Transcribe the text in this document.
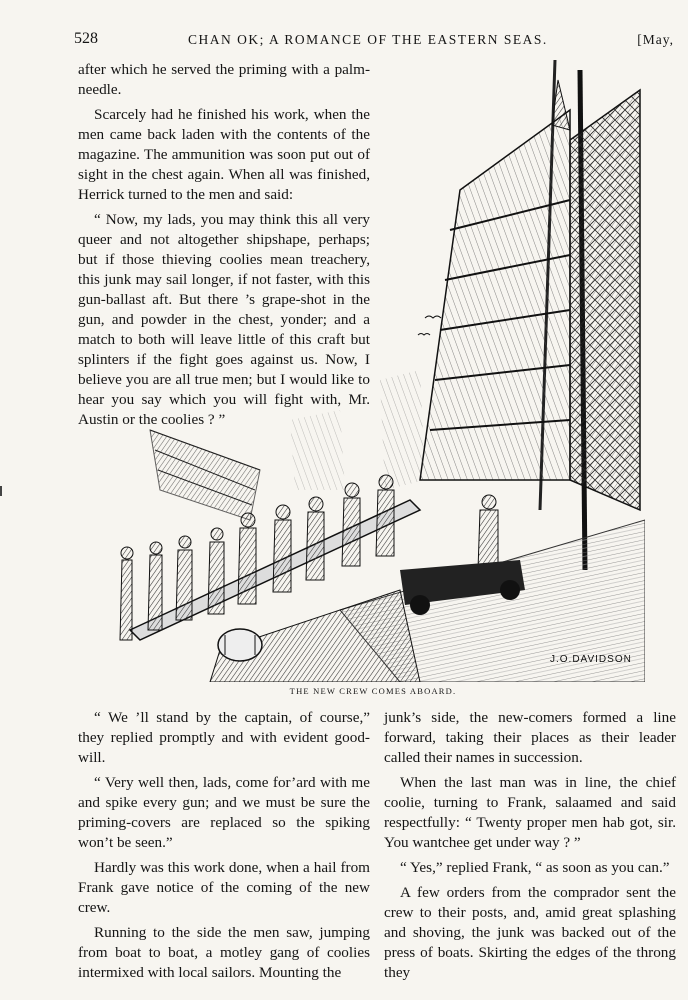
528	CHAN OK; A ROMANCE OF THE EASTERN SEAS.	[May,
J.O.DAVIDSON
THE NEW CREW COMES ABOARD.

after which he served the priming with a palm-needle.

Scarcely had he finished his work, when the men came back laden with the contents of the magazine. The ammunition was soon put out of sight in the chest again. When all was finished, Herrick turned to the men and said:

“ Now, my lads, you may think this all very queer and not altogether shipshape, perhaps; but if those thieving coolies mean treachery, this junk may sail longer, if not faster, with this gun-ballast aft. But there ’s grape-shot in the gun, and powder in the chest, yonder; and a match to both will leave little of this craft but splinters if the fight goes against us. Now, I believe you are all true men; but I would like to hear you say which you will fight with, Mr. Austin or the coolies ? ”

“ We ’ll stand by the captain, of course,” they replied promptly and with evident good-will.

“ Very well then, lads, come for’ard with me and spike every gun; and we must be sure the priming-covers are replaced so the spiking won’t be seen.”

Hardly was this work done, when a hail from Frank gave notice of the coming of the new crew.

Running to the side the men saw, jumping from boat to boat, a motley gang of coolies intermixed with local sailors. Mounting the

junk’s side, the new-comers formed a line forward, taking their places as their leader called their names in succession.

When the last man was in line, the chief coolie, turning to Frank, salaamed and said respectfully: “ Twenty proper men hab got, sir. You wantchee get under way ? ”

“ Yes,” replied Frank, “ as soon as you can.”

A few orders from the comprador sent the crew to their posts, and, amid great splashing and shoving, the junk was backed out of the press of boats. Skirting the edges of the throng they
